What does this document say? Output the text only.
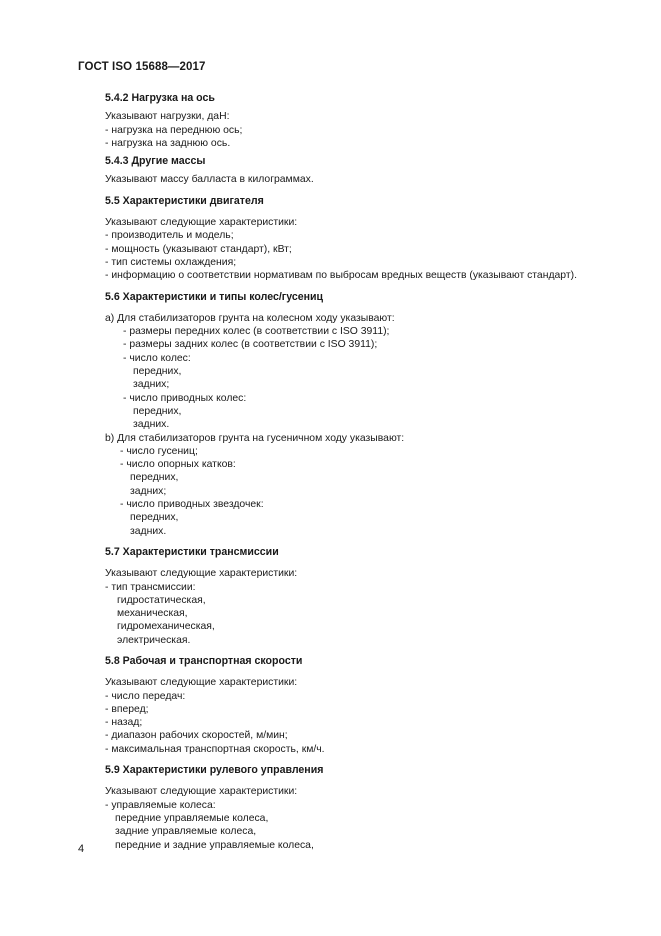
ГОСТ ISO 15688—2017
5.4.2 Нагрузка на ось
Указывают нагрузки, даН:
- нагрузка на переднюю ось;
- нагрузка на заднюю ось.
5.4.3 Другие массы
Указывают массу балласта в килограммах.
5.5 Характеристики двигателя
Указывают следующие характеристики:
- производитель и модель;
- мощность (указывают стандарт), кВт;
- тип системы охлаждения;
- информацию о соответствии нормативам по выбросам вредных веществ (указывают стандарт).
5.6 Характеристики и типы колес/гусениц
а) Для стабилизаторов грунта на колесном ходу указывают:
- размеры передних колес (в соответствии с ISO 3911);
- размеры задних колес (в соответствии с ISO 3911);
- число колес:
передних,
задних;
- число приводных колес:
передних,
задних.
b) Для стабилизаторов грунта на гусеничном ходу указывают:
- число гусениц;
- число опорных катков:
передних,
задних;
- число приводных звездочек:
передних,
задних.
5.7 Характеристики трансмиссии
Указывают следующие характеристики:
- тип трансмиссии:
гидростатическая,
механическая,
гидромеханическая,
электрическая.
5.8 Рабочая и транспортная скорости
Указывают следующие характеристики:
- число передач:
- вперед;
- назад;
- диапазон рабочих скоростей, м/мин;
- максимальная транспортная скорость, км/ч.
5.9 Характеристики рулевого управления
Указывают следующие характеристики:
- управляемые колеса:
передние управляемые колеса,
задние управляемые колеса,
передние и задние управляемые колеса,
4
